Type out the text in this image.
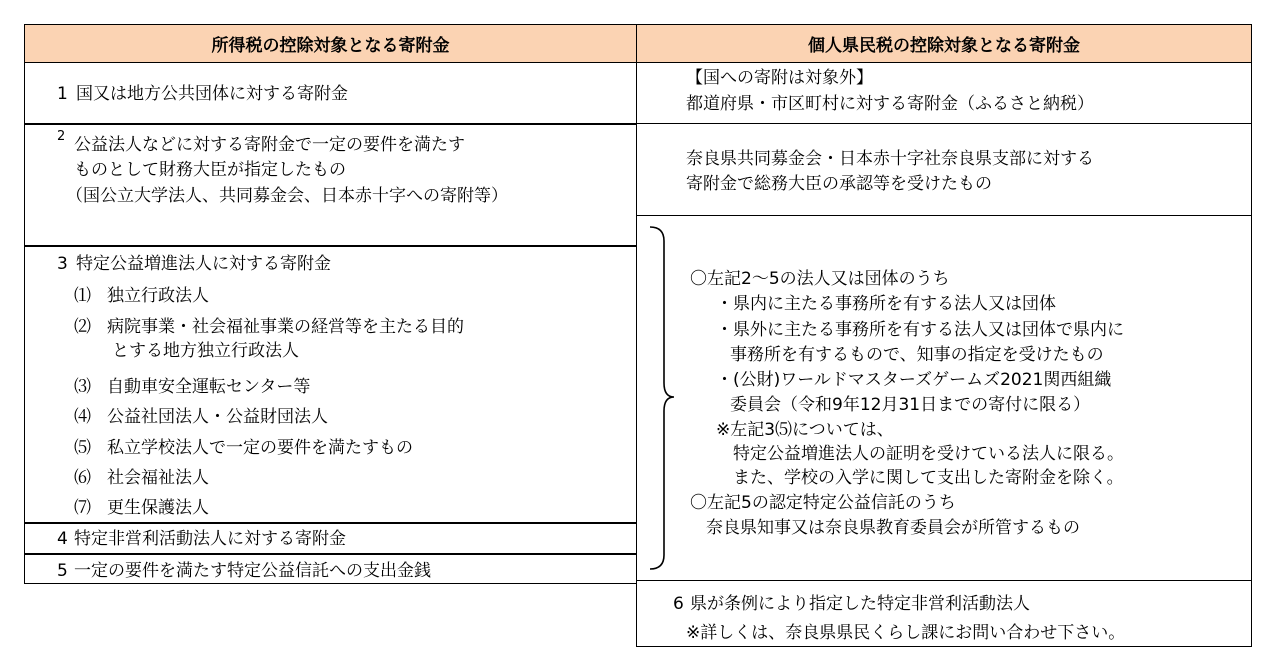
所得税の控除対象となる寄附金
1 国又は地方公共団体に対する寄附金
2 公益法人などに対する寄附金で一定の要件を満たす
ものとして財務大臣が指定したもの
（国公立大学法人、共同募金会、日本赤十字への寄附等）
3 特定公益増進法人に対する寄附金
⑴ 独立行政法人
⑵ 病院事業・社会福祉事業の経営等を主たる目的
とする地方独立行政法人
⑶ 自動車安全運転センター等
⑷ 公益社団法人・公益財団法人
⑸ 私立学校法人で一定の要件を満たすもの
⑹ 社会福祉法人
⑺ 更生保護法人
4 特定非営利活動法人に対する寄附金
5 一定の要件を満たす特定公益信託への支出金銭
個人県民税の控除対象となる寄附金
【国への寄附は対象外】
都道府県・市区町村に対する寄附金（ふるさと納税）
奈良県共同募金会・日本赤十字社奈良県支部に対する
寄附金で総務大臣の承認等を受けたもの
〇左記2～5の法人又は団体のうち
・県内に主たる事務所を有する法人又は団体
・県外に主たる事務所を有する法人又は団体で県内に
事務所を有するもので、知事の指定を受けたもの
・(公財)ワールドマスターズゲームズ2021関西組織
委員会（令和9年12月31日までの寄付に限る）
※左記3⑸については、
特定公益増進法人の証明を受けている法人に限る。
また、学校の入学に関して支出した寄附金を除く。
〇左記5の認定特定公益信託のうち
奈良県知事又は奈良県教育委員会が所管するもの
6 県が条例により指定した特定非営利活動法人
※詳しくは、奈良県県民くらし課にお問い合わせ下さい。
